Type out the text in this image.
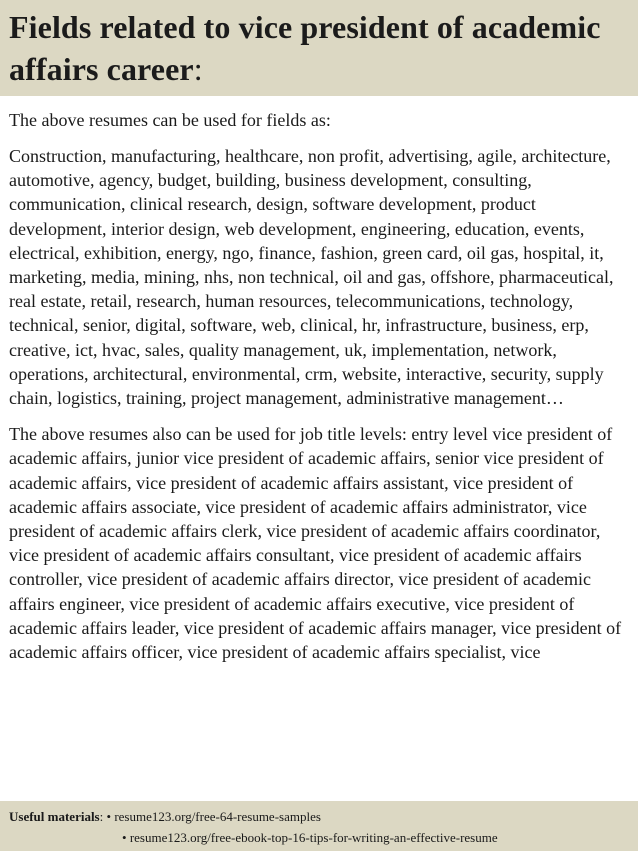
Fields related to vice president of academic affairs career:

The above resumes can be used for fields as:

Construction, manufacturing, healthcare, non profit, advertising, agile, architecture, automotive, agency, budget, building, business development, consulting, communication, clinical research, design, software development, product development, interior design, web development, engineering, education, events, electrical, exhibition, energy, ngo, finance, fashion, green card, oil gas, hospital, it, marketing, media, mining, nhs, non technical, oil and gas, offshore, pharmaceutical, real estate, retail, research, human resources, telecommunications, technology, technical, senior, digital, software, web, clinical, hr, infrastructure, business, erp, creative, ict, hvac, sales, quality management, uk, implementation, network, operations, architectural, environmental, crm, website, interactive, security, supply chain, logistics, training, project management, administrative management…

The above resumes also can be used for job title levels: entry level vice president of academic affairs, junior vice president of academic affairs, senior vice president of academic affairs, vice president of academic affairs assistant, vice president of academic affairs associate, vice president of academic affairs administrator, vice president of academic affairs clerk, vice president of academic affairs coordinator, vice president of academic affairs consultant, vice president of academic affairs controller, vice president of academic affairs director, vice president of academic affairs engineer, vice president of academic affairs executive, vice president of academic affairs leader, vice president of academic affairs manager, vice president of academic affairs officer, vice president of academic affairs specialist, vice

Useful materials: • resume123.org/free-64-resume-samples
• resume123.org/free-ebook-top-16-tips-for-writing-an-effective-resume
